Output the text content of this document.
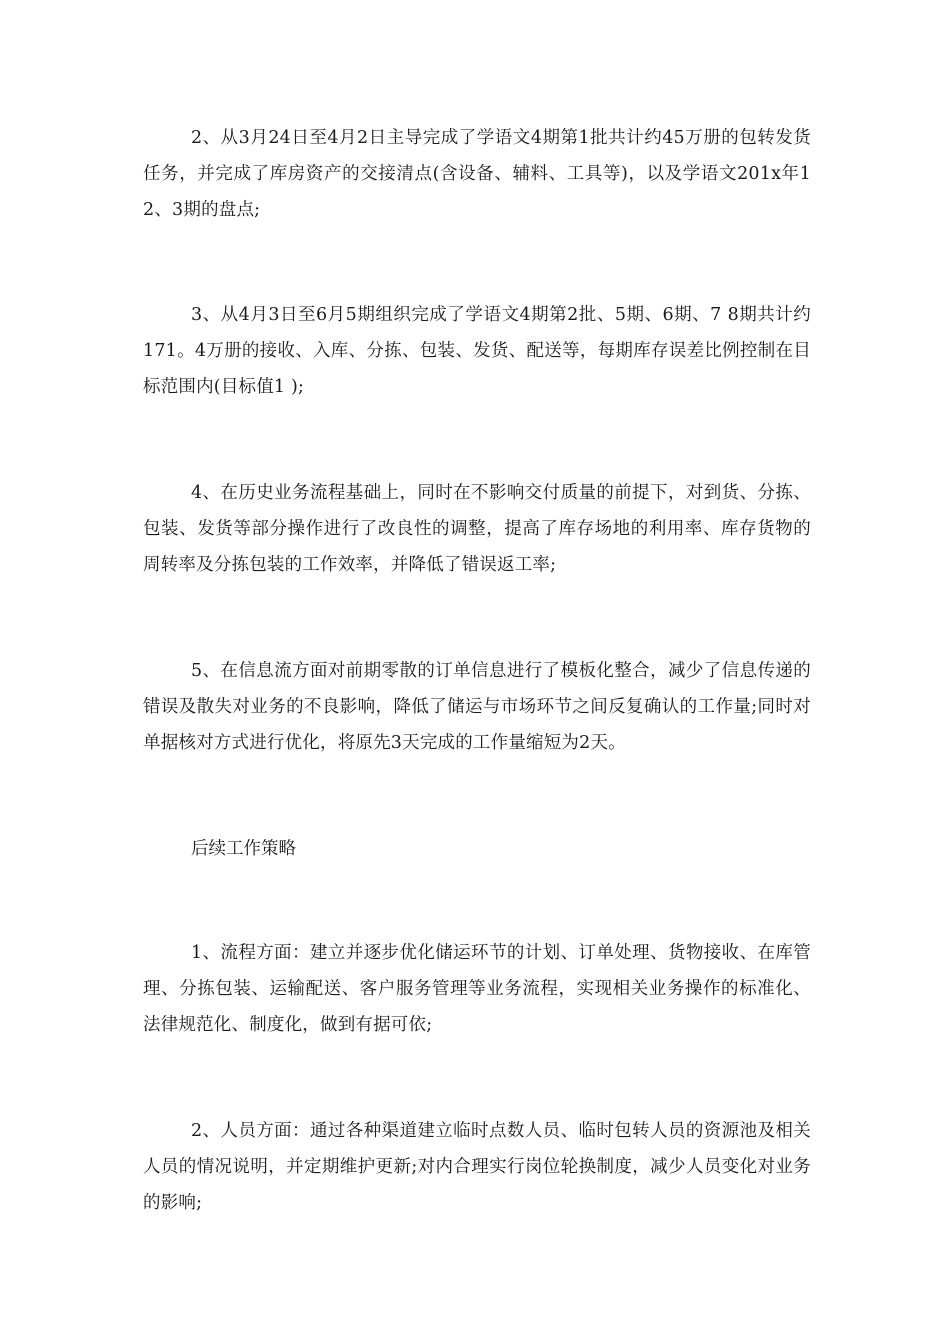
2、从3月24日至4月2日主导完成了学语文4期第1批共计约45万册的包转发货任务，并完成了库房资产的交接清点(含设备、辅料、工具等)，以及学语文201x年1 2、3期的盘点;

3、从4月3日至6月5期组织完成了学语文4期第2批、5期、6期、7 8期共计约171。4万册的接收、入库、分拣、包装、发货、配送等，每期库存误差比例控制在目标范围内(目标值1 );

4、在历史业务流程基础上，同时在不影响交付质量的前提下，对到货、分拣、包装、发货等部分操作进行了改良性的调整，提高了库存场地的利用率、库存货物的周转率及分拣包装的工作效率，并降低了错误返工率;

5、在信息流方面对前期零散的订单信息进行了模板化整合，减少了信息传递的错误及散失对业务的不良影响，降低了储运与市场环节之间反复确认的工作量;同时对单据核对方式进行优化，将原先3天完成的工作量缩短为2天。

后续工作策略

1、流程方面：建立并逐步优化储运环节的计划、订单处理、货物接收、在库管理、分拣包装、运输配送、客户服务管理等业务流程，实现相关业务操作的标准化、法律规范化、制度化，做到有据可依;

2、人员方面：通过各种渠道建立临时点数人员、临时包转人员的资源池及相关人员的情况说明，并定期维护更新;对内合理实行岗位轮换制度，减少人员变化对业务的影响;
